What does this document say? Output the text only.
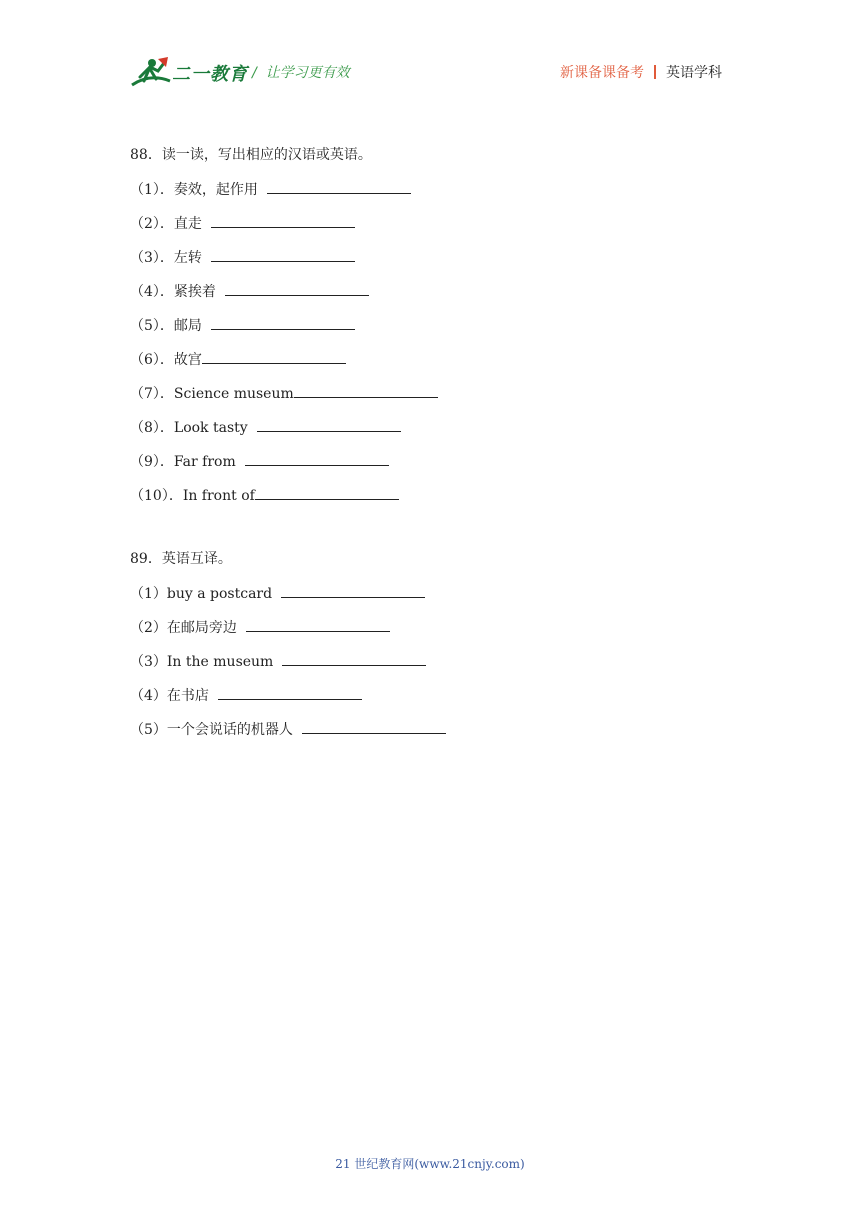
二一教育 / 让学习更有效	新课备课备考 英语学科
88．读一读，写出相应的汉语或英语。
（1）．奏效，起作用
（2）．直走
（3）．左转
（4）．紧挨着
（5）．邮局
（6）．故宫
（7）．Science museum
（8）．Look tasty
（9）．Far from
（10）．In front of
89．英语互译。
（1）buy a postcard
（2）在邮局旁边
（3）In the museum
（4）在书店
（5）一个会说话的机器人
21 世纪教育网(www.21cnjy.com)
